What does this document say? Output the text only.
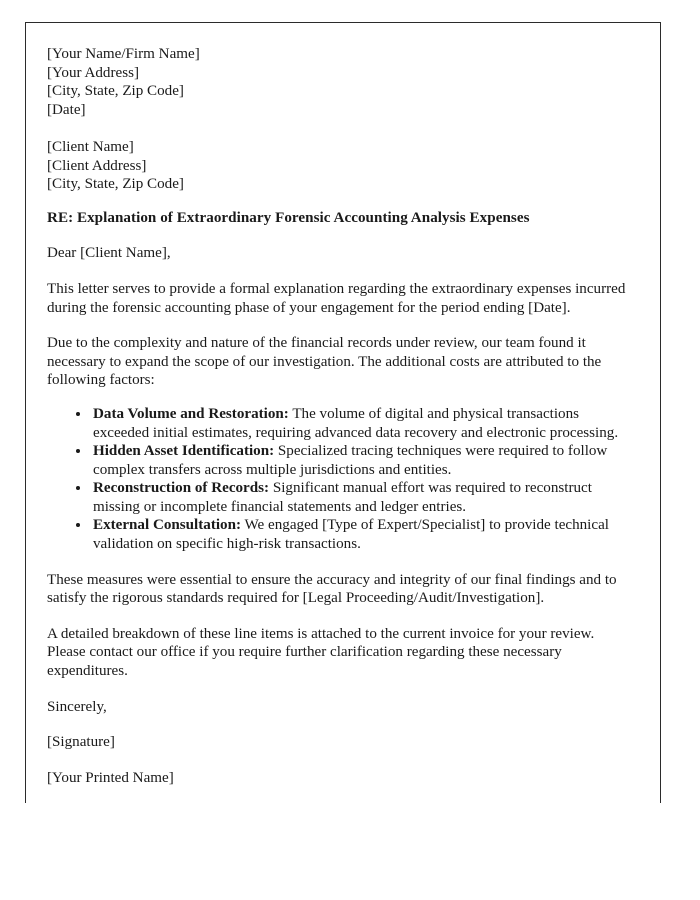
[Your Name/Firm Name]
[Your Address]
[City, State, Zip Code]
[Date]
[Client Name]
[Client Address]
[City, State, Zip Code]
RE: Explanation of Extraordinary Forensic Accounting Analysis Expenses
Dear [Client Name],
This letter serves to provide a formal explanation regarding the extraordinary expenses incurred during the forensic accounting phase of your engagement for the period ending [Date].
Due to the complexity and nature of the financial records under review, our team found it necessary to expand the scope of our investigation. The additional costs are attributed to the following factors:
• Data Volume and Restoration: The volume of digital and physical transactions exceeded initial estimates, requiring advanced data recovery and electronic processing.
• Hidden Asset Identification: Specialized tracing techniques were required to follow complex transfers across multiple jurisdictions and entities.
• Reconstruction of Records: Significant manual effort was required to reconstruct missing or incomplete financial statements and ledger entries.
• External Consultation: We engaged [Type of Expert/Specialist] to provide technical validation on specific high-risk transactions.
These measures were essential to ensure the accuracy and integrity of our final findings and to satisfy the rigorous standards required for [Legal Proceeding/Audit/Investigation].
A detailed breakdown of these line items is attached to the current invoice for your review. Please contact our office if you require further clarification regarding these necessary expenditures.
Sincerely,
[Signature]
[Your Printed Name]
